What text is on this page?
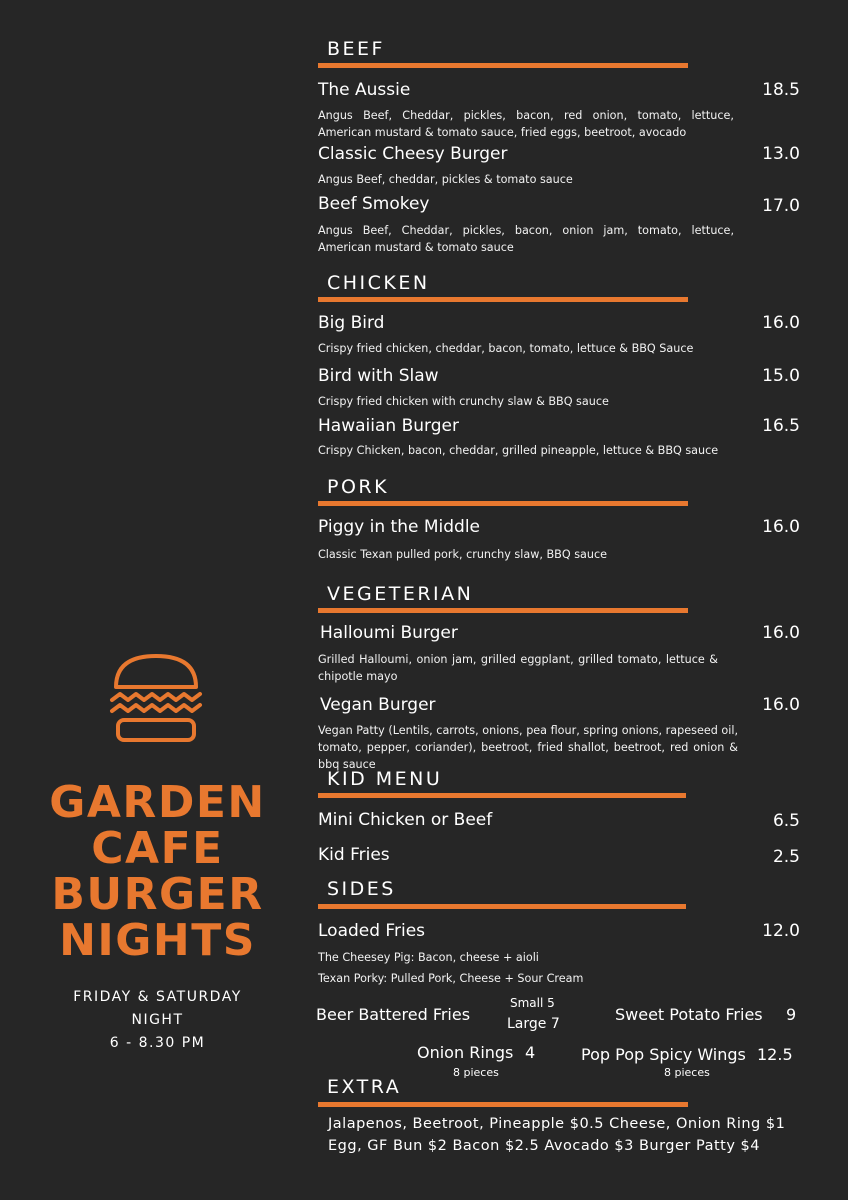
GARDEN
CAFE
BURGER
NIGHTS
FRIDAY & SATURDAY
NIGHT
6 - 8.30 PM
BEEF
The Aussie	18.5
Angus Beef, Cheddar, pickles, bacon, red onion, tomato, lettuce, American mustard & tomato sauce, fried eggs, beetroot, avocado
Classic Cheesy Burger	13.0
Angus Beef, cheddar, pickles & tomato sauce
Beef Smokey	17.0
Angus Beef, Cheddar, pickles, bacon, onion jam, tomato, lettuce, American mustard & tomato sauce
CHICKEN
Big Bird	16.0
Crispy fried chicken, cheddar, bacon, tomato, lettuce & BBQ Sauce
Bird with Slaw	15.0
Crispy fried chicken with crunchy slaw & BBQ sauce
Hawaiian Burger	16.5
Crispy Chicken, bacon, cheddar, grilled pineapple, lettuce & BBQ sauce
PORK
Piggy in the Middle	16.0
Classic Texan pulled pork, crunchy slaw, BBQ sauce
VEGETERIAN
Halloumi Burger	16.0
Grilled Halloumi, onion jam, grilled eggplant, grilled tomato, lettuce & chipotle mayo
Vegan Burger	16.0
Vegan Patty (Lentils, carrots, onions, pea flour, spring onions, rapeseed oil, tomato, pepper, coriander), beetroot, fried shallot, beetroot, red onion & bbq sauce
KID MENU
Mini Chicken or Beef	6.5
Kid Fries	2.5
SIDES
Loaded Fries	12.0
The Cheesey Pig: Bacon, cheese + aioli
Texan Porky: Pulled Pork, Cheese + Sour Cream
Beer Battered Fries
Small 5
Large 7	Sweet Potato Fries 9
Onion Rings 4
8 pieces
Pop Pop Spicy Wings 12.5
8 pieces
EXTRA
Jalapenos, Beetroot, Pineapple $0.5 Cheese, Onion Ring $1
Egg, GF Bun $2 Bacon $2.5 Avocado $3 Burger Patty $4
